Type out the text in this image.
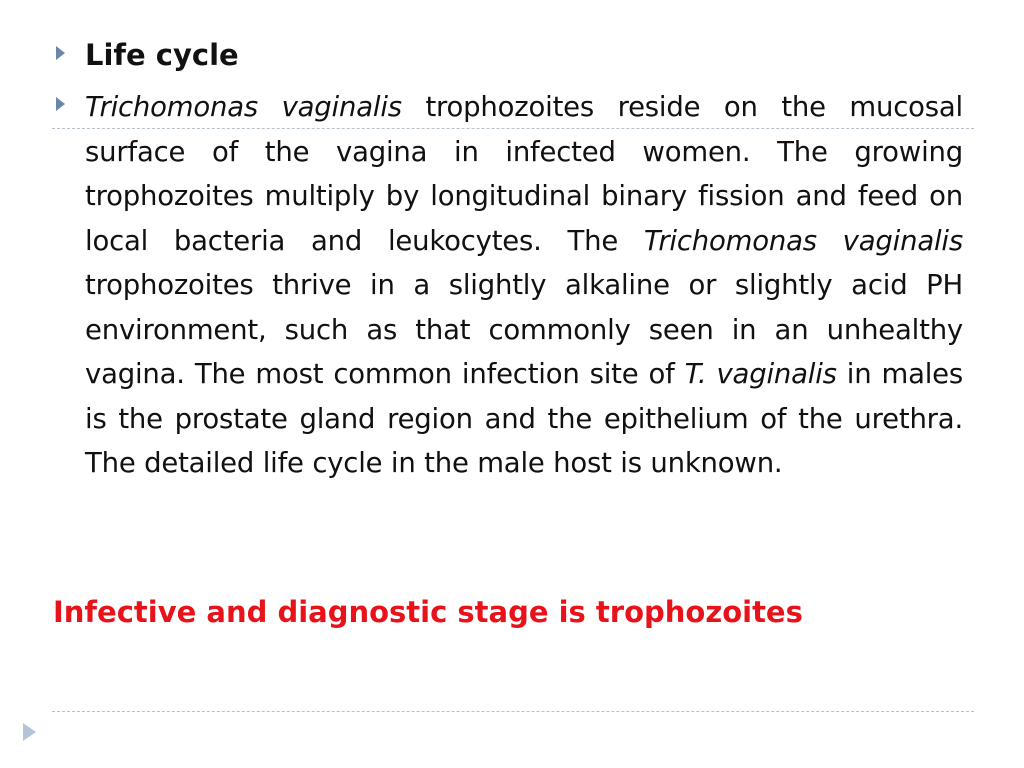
Life cycle
Trichomonas vaginalis trophozoites reside on the mucosal surface of the vagina in infected women. The growing trophozoites multiply by longitudinal binary fission and feed on local bacteria and leukocytes. The Trichomonas vaginalis trophozoites thrive in a slightly alkaline or slightly acid PH environment, such as that commonly seen in an unhealthy vagina. The most common infection site of T. vaginalis in males is the prostate gland region and the epithelium of the urethra. The detailed life cycle in the male host is unknown.
Infective and diagnostic stage is trophozoites
